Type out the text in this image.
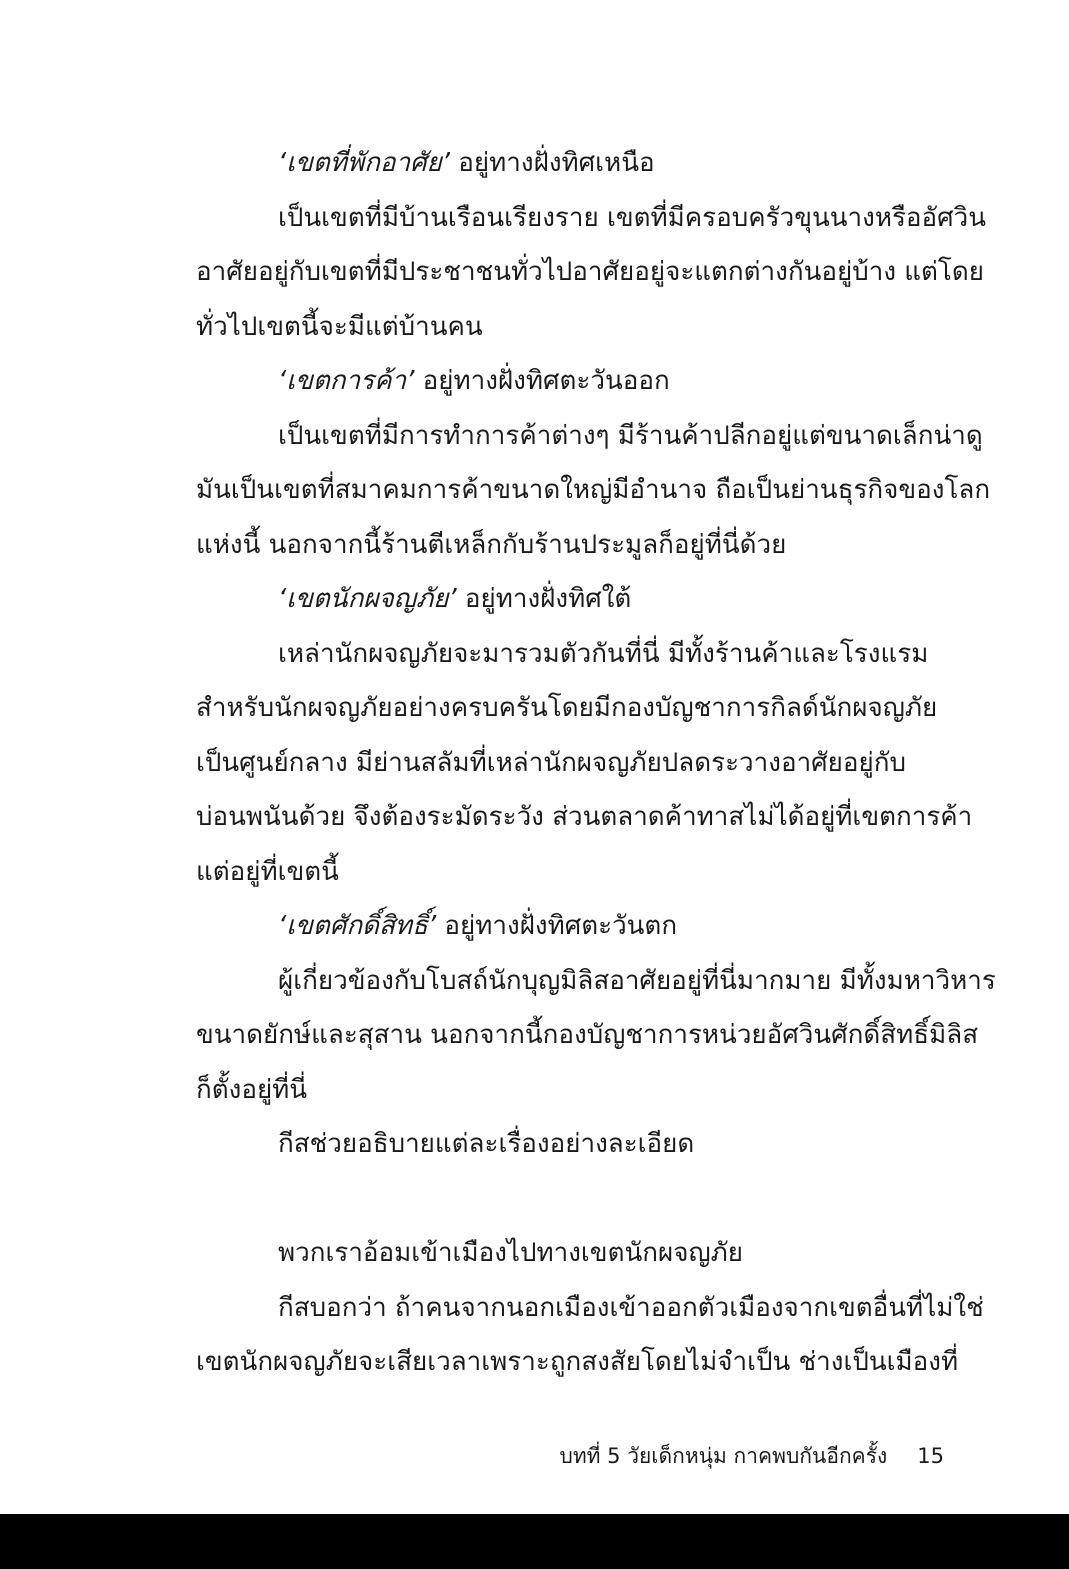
‘เขตที่พักอาศัย’ อยู่ทางฝั่งทิศเหนือ
เป็นเขตที่มีบ้านเรือนเรียงราย เขตที่มีครอบครัวขุนนางหรืออัศวิน
อาศัยอยู่กับเขตที่มีประชาชนทั่วไปอาศัยอยู่จะแตกต่างกันอยู่บ้าง แต่โดย
ทั่วไปเขตนี้จะมีแต่บ้านคน
‘เขตการค้า’ อยู่ทางฝั่งทิศตะวันออก
เป็นเขตที่มีการทำการค้าต่างๆ มีร้านค้าปลีกอยู่แต่ขนาดเล็กน่าดู
มันเป็นเขตที่สมาคมการค้าขนาดใหญ่มีอำนาจ ถือเป็นย่านธุรกิจของโลก
แห่งนี้ นอกจากนี้ร้านตีเหล็กกับร้านประมูลก็อยู่ที่นี่ด้วย
‘เขตนักผจญภัย’ อยู่ทางฝั่งทิศใต้
เหล่านักผจญภัยจะมารวมตัวกันที่นี่ มีทั้งร้านค้าและโรงแรม
สำหรับนักผจญภัยอย่างครบครันโดยมีกองบัญชาการกิลด์นักผจญภัย
เป็นศูนย์กลาง มีย่านสลัมที่เหล่านักผจญภัยปลดระวางอาศัยอยู่กับ
บ่อนพนันด้วย จึงต้องระมัดระวัง ส่วนตลาดค้าทาสไม่ได้อยู่ที่เขตการค้า
แต่อยู่ที่เขตนี้
‘เขตศักดิ์สิทธิ์’ อยู่ทางฝั่งทิศตะวันตก
ผู้เกี่ยวข้องกับโบสถ์นักบุญมิลิสอาศัยอยู่ที่นี่มากมาย มีทั้งมหาวิหาร
ขนาดยักษ์และสุสาน นอกจากนี้กองบัญชาการหน่วยอัศวินศักดิ์สิทธิ์มิลิส
ก็ตั้งอยู่ที่นี่
กีสช่วยอธิบายแต่ละเรื่องอย่างละเอียด
พวกเราอ้อมเข้าเมืองไปทางเขตนักผจญภัย
กีสบอกว่า ถ้าคนจากนอกเมืองเข้าออกตัวเมืองจากเขตอื่นที่ไม่ใช่
เขตนักผจญภัยจะเสียเวลาเพราะถูกสงสัยโดยไม่จำเป็น ช่างเป็นเมืองที่
บทที่ 5 วัยเด็กหนุ่ม กาคพบกันอีกครั้ง 15
